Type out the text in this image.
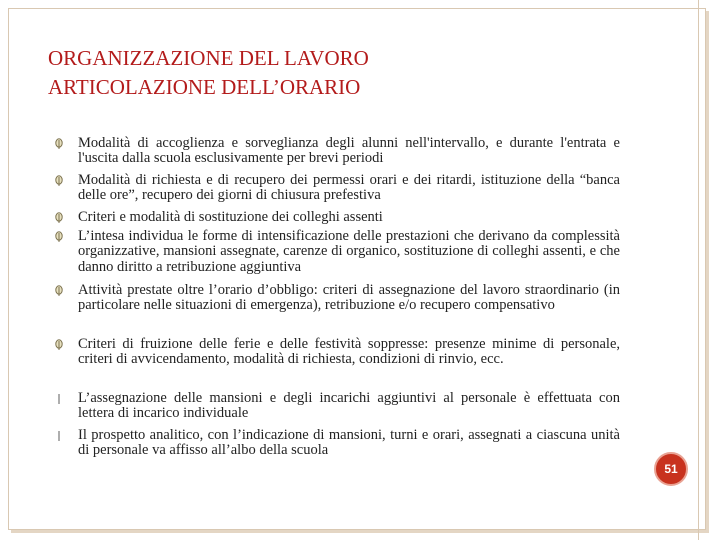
ORGANIZZAZIONE DEL LAVORO
ARTICOLAZIONE DELL’ORARIO
Modalità di accoglienza e sorveglianza degli alunni nell'intervallo, e durante l'entrata e l'uscita dalla scuola esclusivamente per brevi periodi
Modalità di richiesta e di recupero dei permessi orari e dei ritardi, istituzione della “banca delle ore”, recupero dei giorni di chiusura prefestiva
Criteri e modalità di sostituzione dei colleghi assenti
L’intesa individua le forme di intensificazione delle prestazioni che derivano da complessità organizzative, mansioni assegnate, carenze di organico, sostituzione di colleghi assenti, e che danno diritto a retribuzione aggiuntiva
Attività prestate oltre l’orario d’obbligo: criteri di assegnazione del lavoro straordinario (in particolare nelle situazioni di emergenza), retribuzione e/o recupero compensativo
Criteri di fruizione delle ferie e delle festività soppresse: presenze minime di personale, criteri di avvicendamento, modalità di richiesta, condizioni di rinvio, ecc.
L’assegnazione delle mansioni e degli incarichi aggiuntivi al personale è effettuata con lettera di incarico individuale
Il prospetto analitico, con l’indicazione di mansioni, turni e orari, assegnati a ciascuna unità di personale va affisso all’albo della scuola
51
